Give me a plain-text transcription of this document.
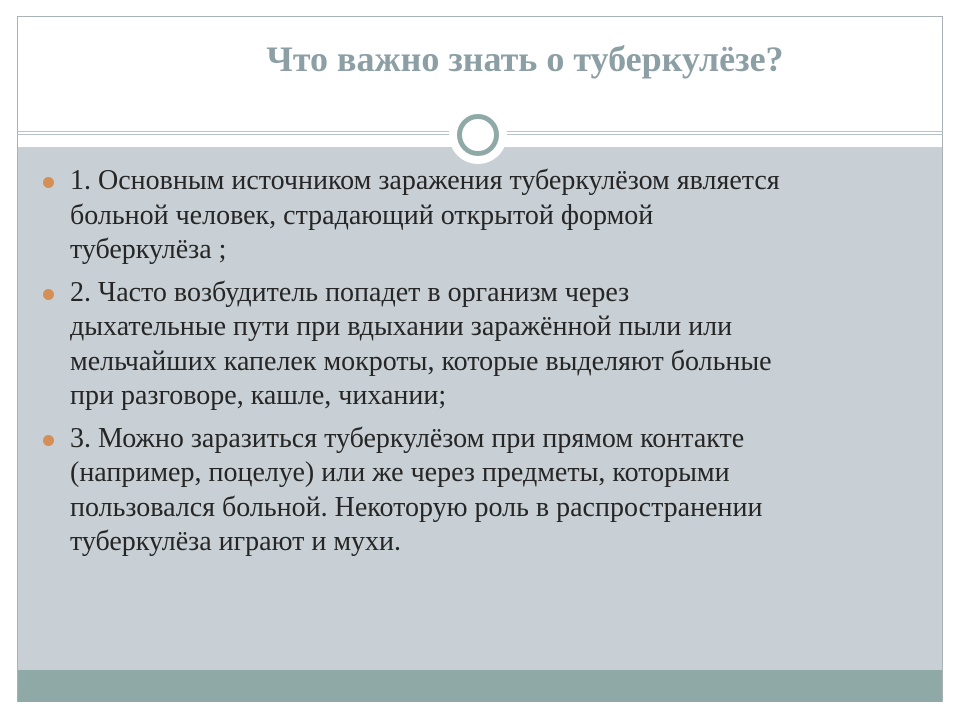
Что важно знать о туберкулёзе?
1. Основным источником заражения туберкулёзом является
больной человек, страдающий открытой формой
туберкулёза ;
2. Часто возбудитель попадет в организм через
дыхательные пути при вдыхании заражённой пыли или
мельчайших капелек мокроты, которые выделяют больные
при разговоре, кашле, чихании;
3. Можно заразиться туберкулёзом при прямом контакте
(например, поцелуе) или же через предметы, которыми
пользовался больной. Некоторую роль в распространении
туберкулёза играют и мухи.
